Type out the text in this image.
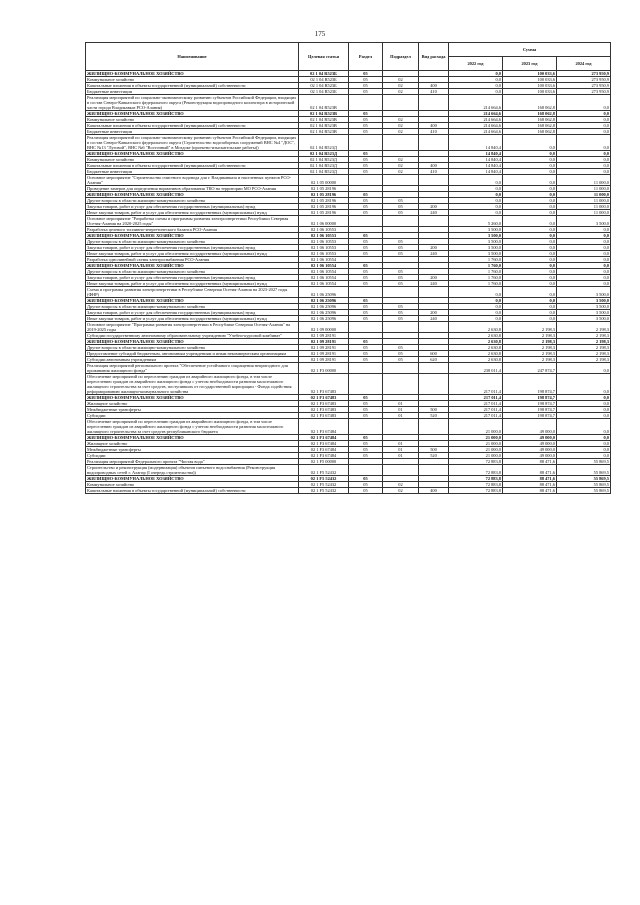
175
Наименование	Целевая статья	Раздел	Подраздел	Вид расхода	Сумма		
					2022 год	2023 год	2024 год
ЖИЛИЩНО-КОММУНАЛЬНОЕ ХОЗЯЙСТВО	02 1 04 R523Б	05			0,0	100 033,6	273 950,9
Коммунальное хозяйство	02 1 04 R523Б	05	02		0,0	100 033,6	273 950,9
Капитальные вложения в объекты государственной (муниципальной) собственности	02 1 04 R523Б	05	02	400	0,0	100 033,6	273 950,9
Бюджетные инвестиции	02 1 04 R523Б	05	02	410	0,0	100 033,6	273 950,9
Реализация мероприятий по социально-экономическому развитию субъектов Российской Федерации, входящих в состав Северо-Кавказского федерального округа (Реконструкция водопроводного коллектора в исторической части города Владикавказ РСО-Алания)	02 1 04 R523В				214 664,6	168 062,8	0,0
ЖИЛИЩНО-КОММУНАЛЬНОЕ ХОЗЯЙСТВО	02 1 04 R523В	05			214 664,6	168 062,8	0,0
Коммунальное хозяйство	02 1 04 R523В	05	02		214 664,6	168 062,8	0,0
Капитальные вложения в объекты государственной (муниципальной) собственности	02 1 04 R523В	05	02	400	214 664,6	168 062,8	0,0
Бюджетные инвестиции	02 1 04 R523В	05	02	410	214 664,6	168 062,8	0,0
Реализация мероприятий по социально-экономическому развитию субъектов Российской Федерации, входящих в состав Северо-Кавказского федерального округа (Строительство водозаборных сооружений ВНС №4 "ДОС", ВНС №13 "Луговой", ВНС №6 "Восточный" в Моздоке (проектно-изыскательские работы))	02 1 04 R523Д				14 840,4	0,0	0,0
ЖИЛИЩНО-КОММУНАЛЬНОЕ ХОЗЯЙСТВО	02 1 04 R523Д	05			14 840,4	0,0	0,0
Коммунальное хозяйство	02 1 04 R523Д	05	02		14 840,4	0,0	0,0
Капитальные вложения в объекты государственной (муниципальной) собственности	02 1 04 R523Д	05	02	400	14 840,4	0,0	0,0
Бюджетные инвестиции	02 1 04 R523Д	05	02	410	14 840,4	0,0	0,0
Основное мероприятие "Строительство очистного водовода для г. Владикавказа и населенных пунктов РСО-Алания"	02 1 05 00000				0,0	0,0	11 000,0
Проведение замеров для определения нормативов образования ТКО на территории МО РСО-Алания	02 1 05 28196				0,0	0,0	11 000,0
ЖИЛИЩНО-КОММУНАЛЬНОЕ ХОЗЯЙСТВО	02 1 05 28196	05			0,0	0,0	11 000,0
Другие вопросы в области жилищно-коммунального хозяйства	02 1 05 28196	05	05		0,0	0,0	11 000,0
Закупка товаров, работ и услуг для обеспечения государственных (муниципальных) нужд	02 1 05 28196	05	05	200	0,0	0,0	11 000,0
Иные закупки товаров, работ и услуг для обеспечения государственных (муниципальных) нужд	02 1 05 28196	05	05	240	0,0	0,0	11 000,0
Основное мероприятие "Разработка схемы и программы развития электроэнергетики Республики Северная Осетия-Алания на 2020-2025 годы"	02 1 06 00000				5 260,0	0,0	3 500,0
Разработка целевого топливно-энергетического баланса РСО-Алания	02 1 06 10553				3 500,0	0,0	0,0
ЖИЛИЩНО-КОММУНАЛЬНОЕ ХОЗЯЙСТВО	02 1 06 10553	05			3 500,0	0,0	0,0
Другие вопросы в области жилищно-коммунального хозяйства	02 1 06 10553	05	05		3 500,0	0,0	0,0
Закупка товаров, работ и услуг для обеспечения государственных (муниципальных) нужд	02 1 06 10553	05	05	200	3 500,0	0,0	0,0
Иные закупки товаров, работ и услуг для обеспечения государственных (муниципальных) нужд	02 1 06 10553	05	05	240	3 500,0	0,0	0,0
Разработка однолинейной схемы электроснабжения РСО-Алания	02 1 06 10554				1 760,0	0,0	0,0
ЖИЛИЩНО-КОММУНАЛЬНОЕ ХОЗЯЙСТВО	02 1 06 10554	05			1 760,0	0,0	0,0
Другие вопросы в области жилищно-коммунального хозяйства	02 1 06 10554	05	05		1 760,0	0,0	0,0
Закупка товаров, работ и услуг для обеспечения государственных (муниципальных) нужд	02 1 06 10554	05	05	200	1 760,0	0,0	0,0
Иные закупки товаров, работ и услуг для обеспечения государственных (муниципальных) нужд	02 1 06 10554	05	05	240	1 760,0	0,0	0,0
Схема и программа развития электроэнергетики в Республике Северная Осетия-Алания на 2023-2027 годы (ФНР)	02 1 06 25096				0,0	0,0	3 500,0
ЖИЛИЩНО-КОММУНАЛЬНОЕ ХОЗЯЙСТВО	02 1 06 25096	05			0,0	0,0	3 500,0
Другие вопросы в области жилищно-коммунального хозяйства	02 1 06 25096	05	05		0,0	0,0	3 500,0
Закупка товаров, работ и услуг для обеспечения государственных (муниципальных) нужд	02 1 06 25096	05	05	200	0,0	0,0	3 500,0
Иные закупки товаров, работ и услуг для обеспечения государственных (муниципальных) нужд	02 1 06 25096	05	05	240	0,0	0,0	3 500,0
Основное мероприятие "Программа развития электроэнергетики в Республике Северная Осетия-Алания" на 2019-2025 годы	02 1 09 00000				2 630,8	2 198,3	2 198,3
Субсидии государственному автономному образовательному учреждению "Учебно-курсовой комбинат"	02 1 09 28191				2 630,8	2 198,3	2 198,3
ЖИЛИЩНО-КОММУНАЛЬНОЕ ХОЗЯЙСТВО	02 1 09 28191	05			2 630,8	2 198,3	2 198,3
Другие вопросы в области жилищно-коммунального хозяйства	02 1 09 28191	05	05		2 630,8	2 198,3	2 198,3
Предоставление субсидий бюджетным, автономным учреждениям и иным некоммерческим организациям	02 1 09 28191	05	05	600	2 630,8	2 198,3	2 198,3
Субсидии автономным учреждениям	02 1 09 28191	05	05	620	2 630,8	2 198,3	2 198,3
Реализация мероприятий регионального проекта "Обеспечение устойчивого сокращения непригодного для проживания жилищного фонда"	02 1 F3 00000				238 011,4	247 874,7	0,0
Обеспечение мероприятий по переселению граждан из аварийного жилищного фонда, в том числе переселению граждан из аварийного жилищного фонда с учетом необходимости развития малоэтажного жилищного строительства за счет средств, поступивших от государственной корпорации - Фонда содействия реформированию жилищно-коммунального хозяйства	02 1 F3 67483				217 011,4	198 874,7	0,0
ЖИЛИЩНО-КОММУНАЛЬНОЕ ХОЗЯЙСТВО	02 1 F3 67483	05			217 011,4	198 874,7	0,0
Жилищное хозяйство	02 1 F3 67483	05	01		217 011,4	198 874,7	0,0
Межбюджетные трансферты	02 1 F3 67483	05	01	500	217 011,4	198 874,7	0,0
Субсидии	02 1 F3 67483	05	01	520	217 011,4	198 874,7	0,0
Обеспечение мероприятий по переселению граждан из аварийного жилищного фонда, в том числе переселению граждан из аварийного жилищного фонда с учетом необходимости развития малоэтажного жилищного строительства за счет средств республиканского бюджета	02 1 F3 67484				21 000,0	49 000,0	0,0
ЖИЛИЩНО-КОММУНАЛЬНОЕ ХОЗЯЙСТВО	02 1 F3 67484	05			21 000,0	49 000,0	0,0
Жилищное хозяйство	02 1 F3 67484	05	01		21 000,0	49 000,0	0,0
Межбюджетные трансферты	02 1 F3 67484	05	01	500	21 000,0	49 000,0	0,0
Субсидии	02 1 F3 67484	05	01	520	21 000,0	49 000,0	0,0
Реализация мероприятий Федерального проекта "Чистая вода"	02 1 F5 00000				72 883,8	88 471,6	55 869,5
Строительство и реконструкция (модернизация) объектов питьевого водоснабжения (Реконструкция водопроводных сетей г. Алагир (I очередь строительства))	02 1 F5 52432				72 883,8	88 471,6	55 869,5
ЖИЛИЩНО-КОММУНАЛЬНОЕ ХОЗЯЙСТВО	02 1 F5 52432	05			72 883,8	88 471,6	55 869,5
Коммунальное хозяйство	02 1 F5 52432	05	02		72 883,8	88 471,6	55 869,5
Капитальные вложения в объекты государственной (муниципальной) собственности	02 1 F5 52432	05	02	400	72 883,8	88 471,6	55 869,5
